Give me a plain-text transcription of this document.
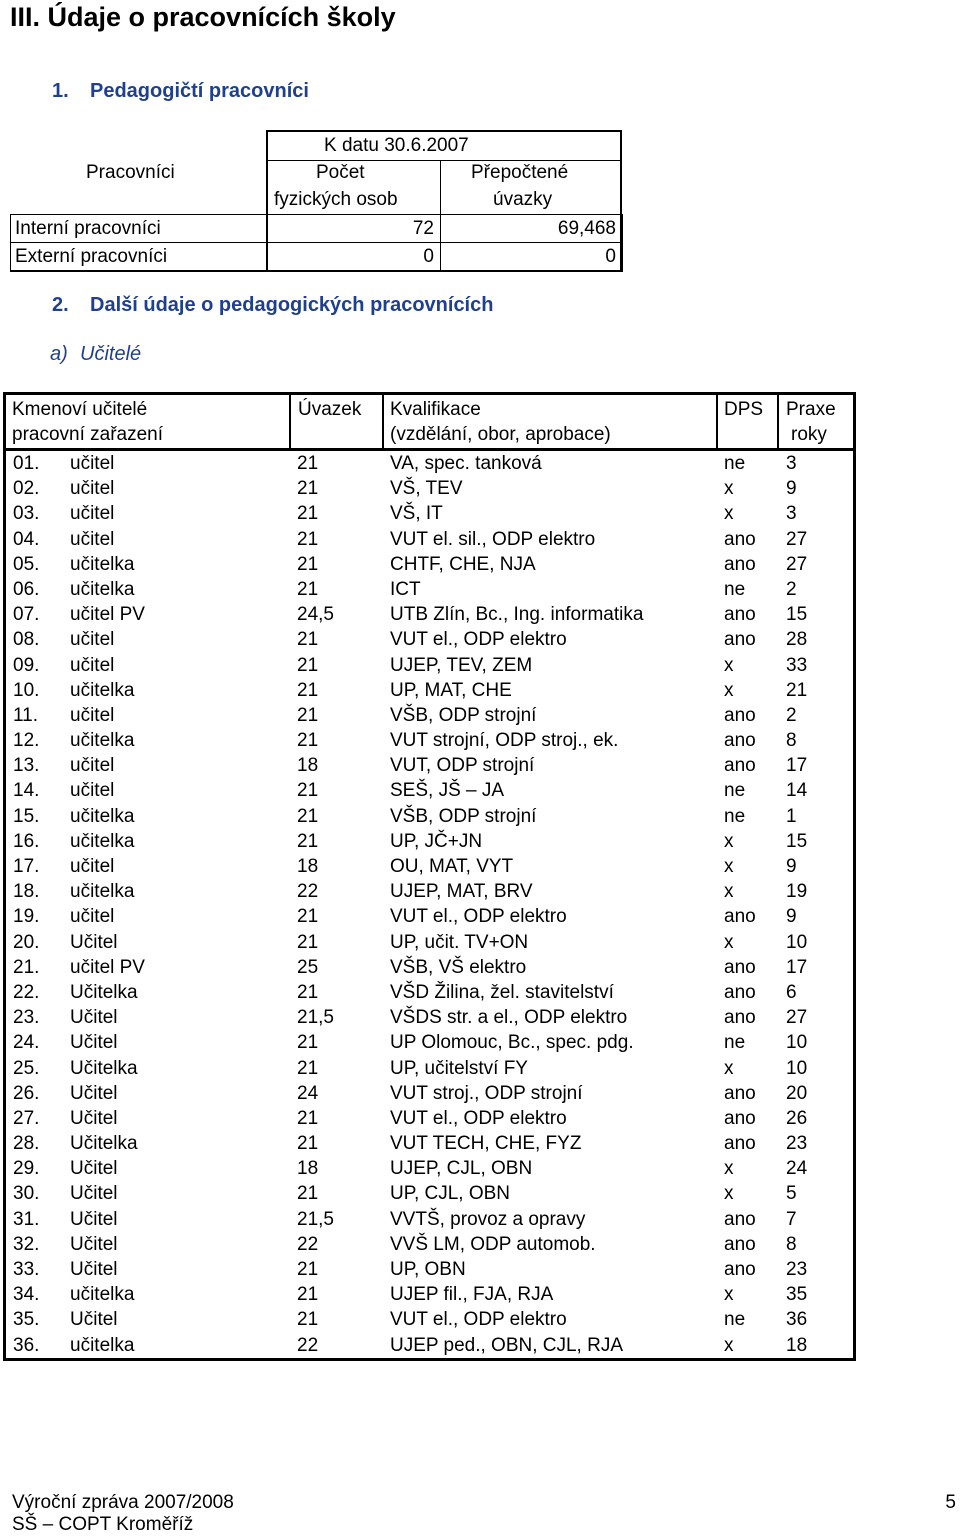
III. Údaje o pracovnících školy
1. Pedagogičtí pracovníci
K datu 30.6.2007
Pracovníci	Počet
fyzických osob
Přepočtené
úvazky
Interní pracovníci	72	69,468
Externí pracovníci	0	0
2. Další údaje o pedagogických pracovnících
a) Učitelé
Kmenoví učitelé
pracovní zařazení
Úvazek Kvalifikace
(vzdělání, obor, aprobace)
DPS Praxe
roky
01. učitel	21	VA, spec. tanková	ne 3
02. učitel	21	VŠ, TEV	x	9
03. učitel	21	VŠ, IT	x	3
04. učitel	21	VUT el. sil., ODP elektro	ano 27
05. učitelka	21	CHTF, CHE, NJA	ano 27
06. učitelka	21	ICT	ne 2
07. učitel PV	24,5	UTB Zlín, Bc., Ing. informatika	ano 15
08. učitel	21	VUT el., ODP elektro	ano 28
09. učitel	21	UJEP, TEV, ZEM	x	33
10. učitelka	21	UP, MAT, CHE	x	21
11. učitel	21	VŠB, ODP strojní	ano 2
12. učitelka	21	VUT strojní, ODP stroj., ek.	ano 8
13. učitel	18	VUT, ODP strojní	ano 17
14. učitel	21	SEŠ, JŠ – JA	ne 14
15. učitelka	21	VŠB, ODP strojní	ne 1
16. učitelka	21	UP, JČ+JN	x	15
17. učitel	18	OU, MAT, VYT	x	9
18. učitelka	22	UJEP, MAT, BRV	x	19
19. učitel	21	VUT el., ODP elektro	ano 9
20. Učitel	21	UP, učit. TV+ON	x	10
21. učitel PV	25	VŠB, VŠ elektro	ano 17
22. Učitelka	21	VŠD Žilina, žel. stavitelství	ano 6
23. Učitel	21,5	VŠDS str. a el., ODP elektro	ano 27
24. Učitel	21	UP Olomouc, Bc., spec. pdg.	ne 10
25. Učitelka	21	UP, učitelství FY	x	10
26. Učitel	24	VUT stroj., ODP strojní	ano 20
27. Učitel	21	VUT el., ODP elektro	ano 26
28. Učitelka	21	VUT TECH, CHE, FYZ	ano 23
29. Učitel	18	UJEP, CJL, OBN	x	24
30. Učitel	21	UP, CJL, OBN	x	5
31. Učitel	21,5	VVTŠ, provoz a opravy	ano 7
32. Učitel	22	VVŠ LM, ODP automob.	ano 8
33. Učitel	21	UP, OBN	ano 23
34. učitelka	21	UJEP fil., FJA, RJA	x	35
35. Učitel	21	VUT el., ODP elektro	ne 36
36. učitelka	22	UJEP ped., OBN, CJL, RJA	x	18
Výroční zpráva 2007/2008
SŠ – COPT Kroměříž
5
